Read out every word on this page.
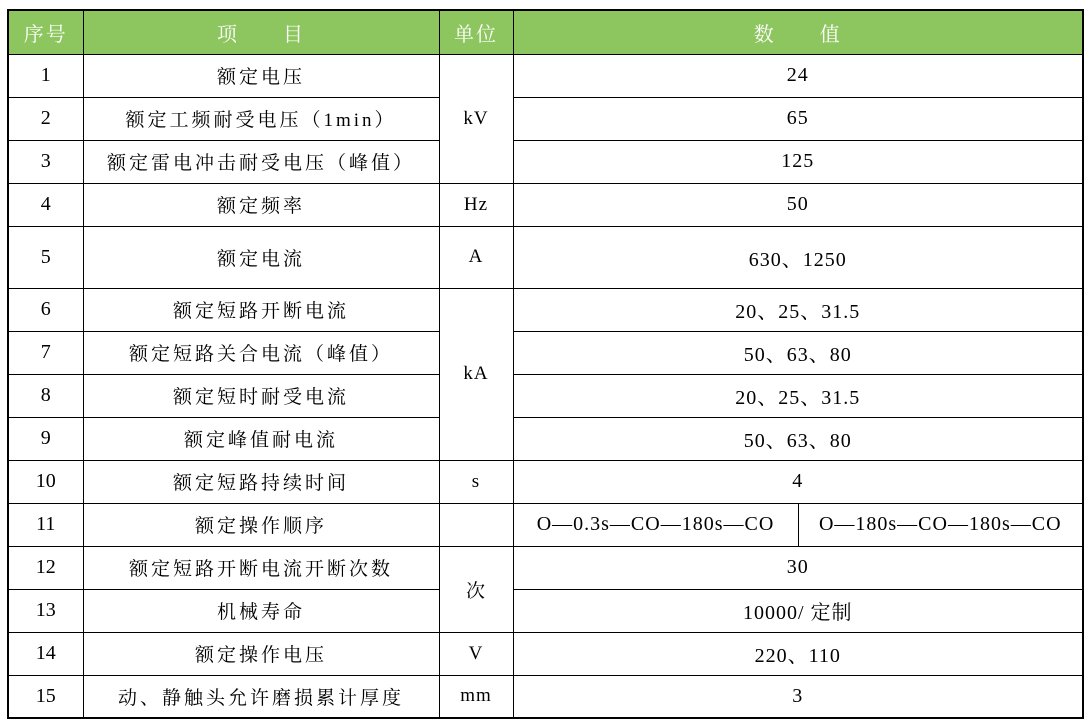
序号	项　　目	单位	数　　值	
1	额定电压	kV	24	
2	额定工频耐受电压（1min）		65	
3	额定雷电冲击耐受电压（峰值）		125	
4	额定频率	Hz	50	
5	额定电流	A	630、1250	
6	额定短路开断电流	kA	20、25、31.5	
7	额定短路关合电流（峰值）		50、63、80	
8	额定短时耐受电流		20、25、31.5	
9	额定峰值耐电流		50、63、80	
10	额定短路持续时间	s	4	
11	额定操作顺序		O—0.3s—CO—180s—CO	O—180s—CO—180s—CO
12	额定短路开断电流开断次数	次	30	
13	机械寿命		10000/ 定制	
14	额定操作电压	V	220、110	
15	动、静触头允许磨损累计厚度	mm	3	
